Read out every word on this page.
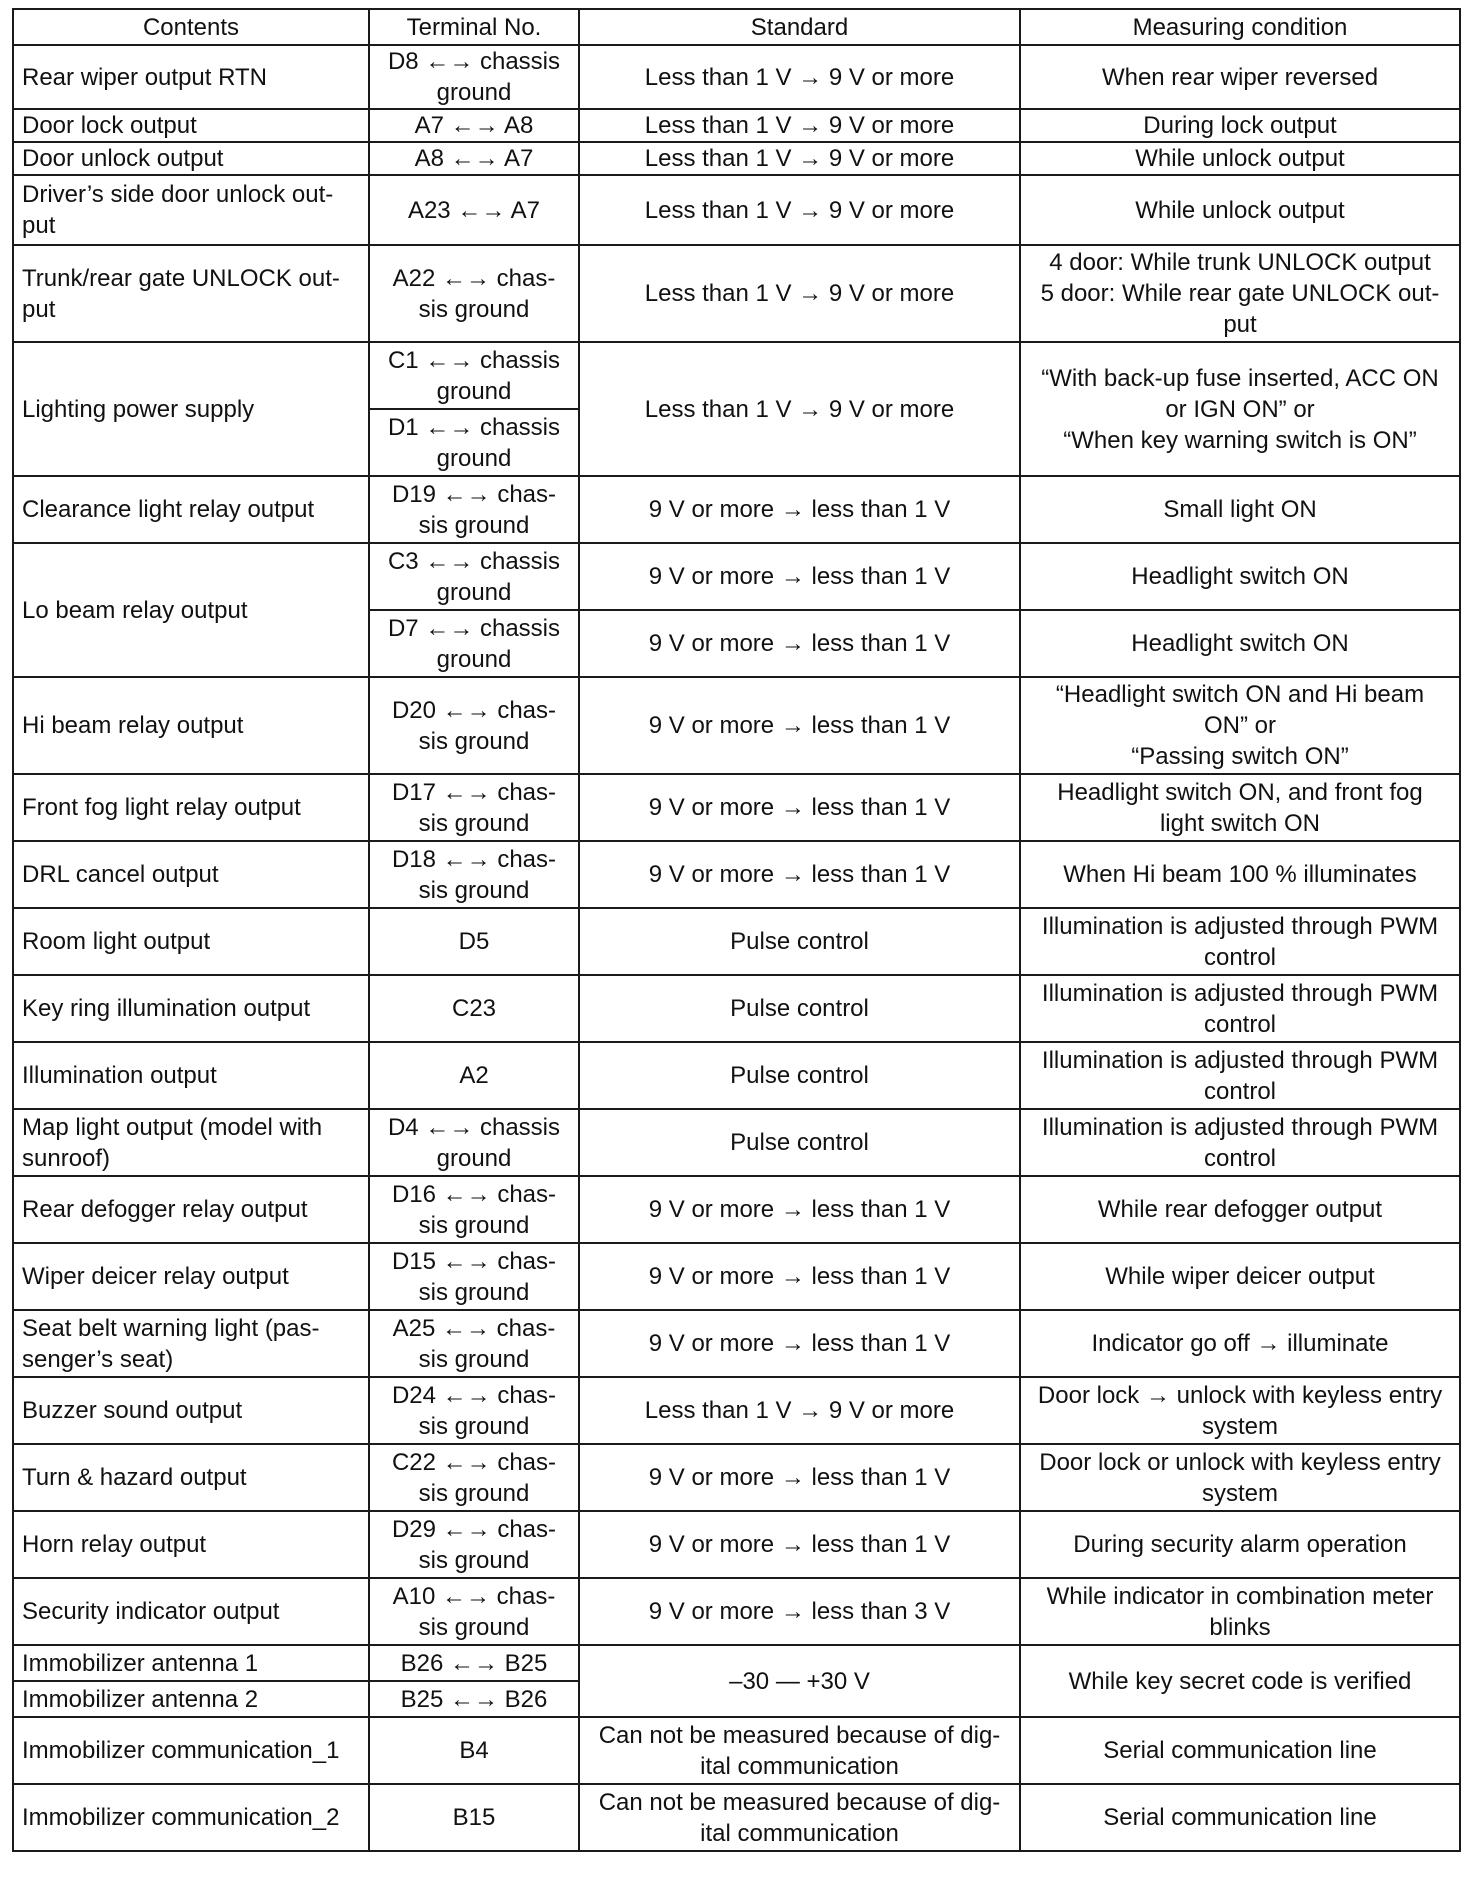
Contents	Terminal No.	Standard	Measuring condition
Rear wiper output RTN	D8 ←→ chassis ground	Less than 1 V → 9 V or more	When rear wiper reversed
Door lock output	A7 ←→ A8	Less than 1 V → 9 V or more	During lock output
Door unlock output	A8 ←→ A7	Less than 1 V → 9 V or more	While unlock output
Driver’s side door unlock out-
put	A23 ←→ A7	Less than 1 V → 9 V or more	While unlock output
Trunk/rear gate UNLOCK out-
put	A22 ←→ chas-
sis ground	Less than 1 V → 9 V or more	4 door: While trunk UNLOCK output
5 door: While rear gate UNLOCK out-
put
Lighting power supply	C1 ←→ chassis ground	Less than 1 V → 9 V or more	“With back-up fuse inserted, ACC ON
or IGN ON” or
“When key warning switch is ON”
	D1 ←→ chassis ground		
Clearance light relay output	D19 ←→ chas-
sis ground	9 V or more → less than 1 V	Small light ON
Lo beam relay output	C3 ←→ chassis ground	9 V or more → less than 1 V	Headlight switch ON
	D7 ←→ chassis ground	9 V or more → less than 1 V	Headlight switch ON
Hi beam relay output	D20 ←→ chas-
sis ground	9 V or more → less than 1 V	“Headlight switch ON and Hi beam
ON” or
“Passing switch ON”
Front fog light relay output	D17 ←→ chas-
sis ground	9 V or more → less than 1 V	Headlight switch ON, and front fog
light switch ON
DRL cancel output	D18 ←→ chas-
sis ground	9 V or more → less than 1 V	When Hi beam 100 % illuminates
Room light output	D5	Pulse control	Illumination is adjusted through PWM
control
Key ring illumination output	C23	Pulse control	Illumination is adjusted through PWM
control
Illumination output	A2	Pulse control	Illumination is adjusted through PWM
control
Map light output (model with
sunroof)	D4 ←→ chassis
ground	Pulse control	Illumination is adjusted through PWM
control
Rear defogger relay output	D16 ←→ chas-
sis ground	9 V or more → less than 1 V	While rear defogger output
Wiper deicer relay output	D15 ←→ chas-
sis ground	9 V or more → less than 1 V	While wiper deicer output
Seat belt warning light (pas-
senger’s seat)	A25 ←→ chas-
sis ground	9 V or more → less than 1 V	Indicator go off → illuminate
Buzzer sound output	D24 ←→ chas-
sis ground	Less than 1 V → 9 V or more	Door lock → unlock with keyless entry
system
Turn & hazard output	C22 ←→ chas-
sis ground	9 V or more → less than 1 V	Door lock or unlock with keyless entry
system
Horn relay output	D29 ←→ chas-
sis ground	9 V or more → less than 1 V	During security alarm operation
Security indicator output	A10 ←→ chas-
sis ground	9 V or more → less than 3 V	While indicator in combination meter
blinks
Immobilizer antenna 1	B26 ←→ B25	–30 — +30 V	While key secret code is verified
Immobilizer antenna 2	B25 ←→ B26		
Immobilizer communication_1	B4	Can not be measured because of dig-
ital communication	Serial communication line
Immobilizer communication_2	B15	Can not be measured because of dig-
ital communication	Serial communication line
